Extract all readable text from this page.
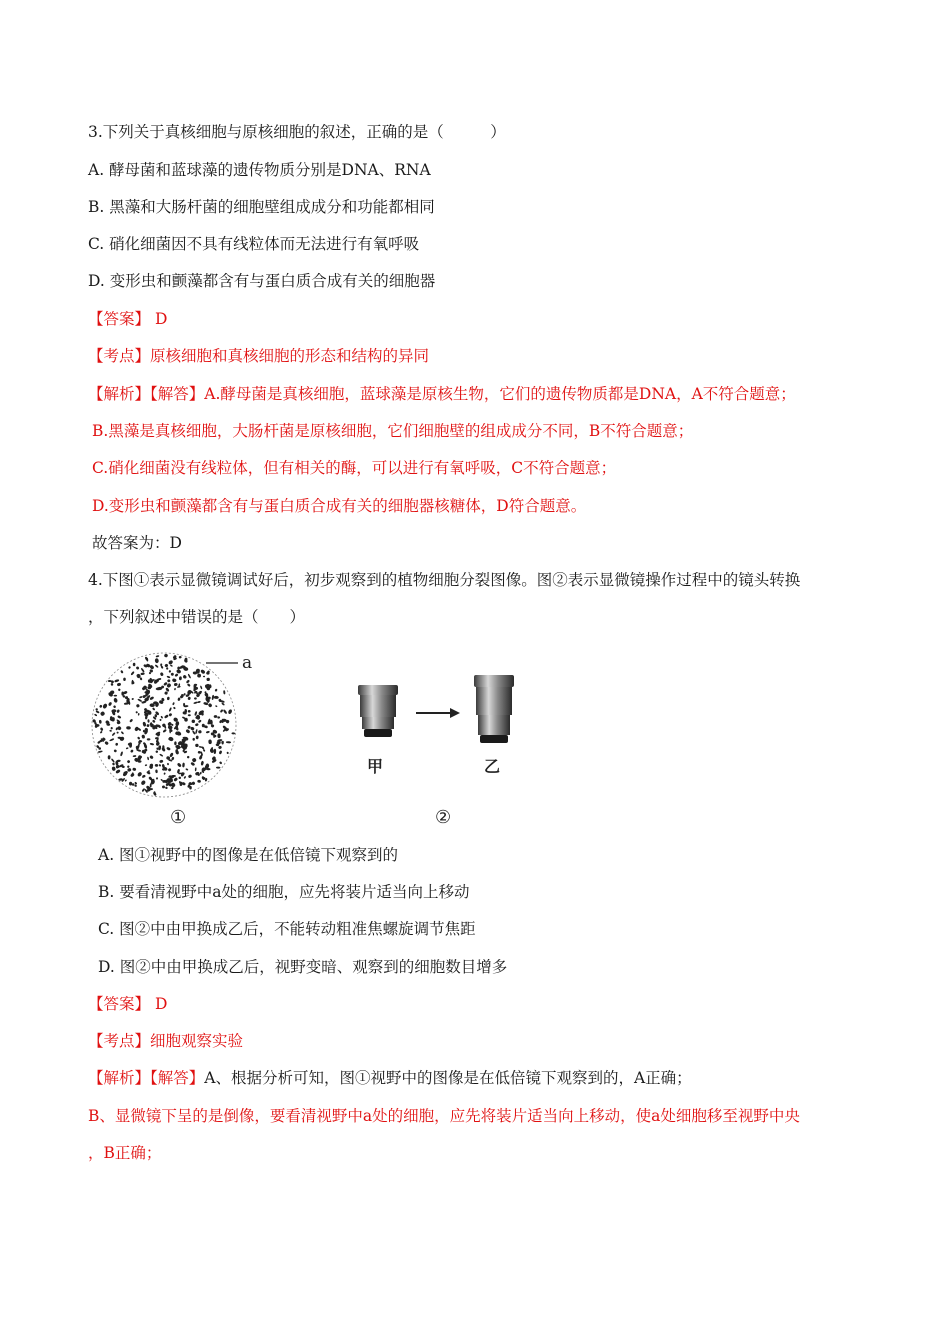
3.下列关于真核细胞与原核细胞的叙述，正确的是（　　　）
A. 酵母菌和蓝球藻的遗传物质分别是DNA、RNA
B. 黑藻和大肠杆菌的细胞壁组成成分和功能都相同
C. 硝化细菌因不具有线粒体而无法进行有氧呼吸
D. 变形虫和颤藻都含有与蛋白质合成有关的细胞器
【答案】 D
【考点】原核细胞和真核细胞的形态和结构的异同
【解析】【解答】A.酵母菌是真核细胞，蓝球藻是原核生物，它们的遗传物质都是DNA，A不符合题意；
B.黑藻是真核细胞，大肠杆菌是原核细胞，它们细胞壁的组成成分不同，B不符合题意；
C.硝化细菌没有线粒体，但有相关的酶，可以进行有氧呼吸，C不符合题意；
D.变形虫和颤藻都含有与蛋白质合成有关的细胞器核糖体，D符合题意。
故答案为：D
4.下图①表示显微镜调试好后，初步观察到的植物细胞分裂图像。图②表示显微镜操作过程中的镜头转换
，下列叙述中错误的是（　　）
a
①
甲	乙
②
A. 图①视野中的图像是在低倍镜下观察到的
B. 要看清视野中a处的细胞，应先将装片适当向上移动
C. 图②中由甲换成乙后，不能转动粗准焦螺旋调节焦距
D. 图②中由甲换成乙后，视野变暗、观察到的细胞数目增多
【答案】 D
【考点】细胞观察实验
【解析】【解答】A、根据分析可知，图①视野中的图像是在低倍镜下观察到的，A正确；
B、显微镜下呈的是倒像，要看清视野中a处的细胞，应先将装片适当向上移动，使a处细胞移至视野中央
，B正确；
